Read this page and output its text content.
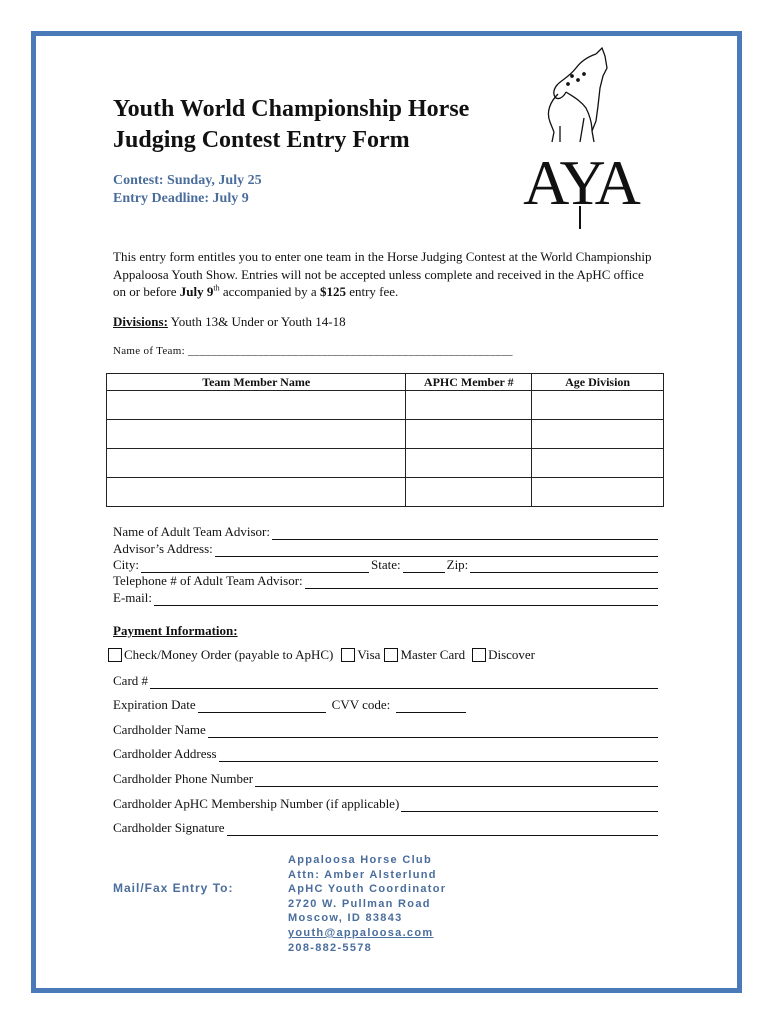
Youth World Championship Horse
Judging Contest Entry Form
Contest: Sunday, July 25
Entry Deadline: July 9	AYA
This entry form entitles you to enter one team in the Horse Judging Contest at the World Championship Appaloosa Youth Show. Entries will not be accepted unless complete and received in the ApHC office on or before July 9th accompanied by a $125 entry fee.
Divisions: Youth 13& Under or Youth 14-18
Name of Team: ________________________________________________________
Team Member Name	APHC Member #	Age Division

Name of Adult Team Advisor:
Advisor’s Address:
City:	State:	Zip:
Telephone # of Adult Team Advisor:
E-mail:
Payment Information:
Check/Money Order (payable to ApHC) Visa Master Card Discover
Card #
Expiration Date	CVV code:
Cardholder Name
Cardholder Address
Cardholder Phone Number
Cardholder ApHC Membership Number (if applicable)
Cardholder Signature
Mail/Fax Entry To:
Appaloosa Horse Club
Attn: Amber Alsterlund
ApHC Youth Coordinator
2720 W. Pullman Road
Moscow, ID 83843
youth@appaloosa.com
208-882-5578
